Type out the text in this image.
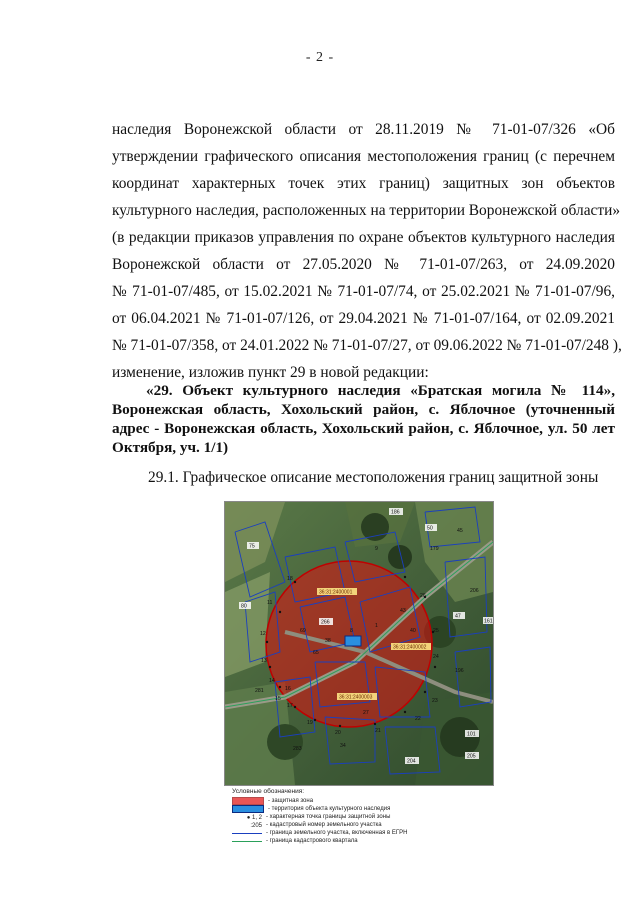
- 2 -
наследия Воронежской области от 28.11.2019 № 71-01-07/326 «Об
утверждении графического описания местоположения границ (с перечнем
координат характерных точек этих границ) защитных зон объектов
культурного наследия, расположенных на территории Воронежской области»
(в редакции приказов управления по охране объектов культурного наследия
Воронежской области от 27.05.2020 № 71-01-07/263, от 24.09.2020
№ 71-01-07/485, от 15.02.2021 № 71-01-07/74, от 25.02.2021 № 71-01-07/96,
от 06.04.2021 № 71-01-07/126, от 29.04.2021 № 71-01-07/164, от 02.09.2021
№ 71-01-07/358, от 24.01.2022 № 71-01-07/27, от 09.06.2022 № 71-01-07/248 ),
изменение, изложив пункт 29 в новой редакции:
«29. Объект культурного наследия «Братская могила № 114», Воронежская область, Хохольский район, с. Яблочное (уточненный адрес - Воронежская область, Хохольский район, с. Яблочное, ул. 50 лет Октября, уч. 1/1)
29.1. Графическое описание местоположения границ защитной зоны
36:31:2400001
36:31:2400002
36:31:2400003
75
80
9
50
1
8
11
12
13
14
15
16
17
18
19
20	21
22
23
24
25
26
27
34
38
40
43
45
47
65
69
101
161
179
186
196
204
205
206
266
281
283
Условные обозначения:
- защитная зона
- территория объекта культурного наследия
● 1, 2 - характерная точка границы защитной зоны
:205 - кадастровый номер земельного участка
- граница земельного участка, включенная в ЕГРН
- граница кадастрового квартала
